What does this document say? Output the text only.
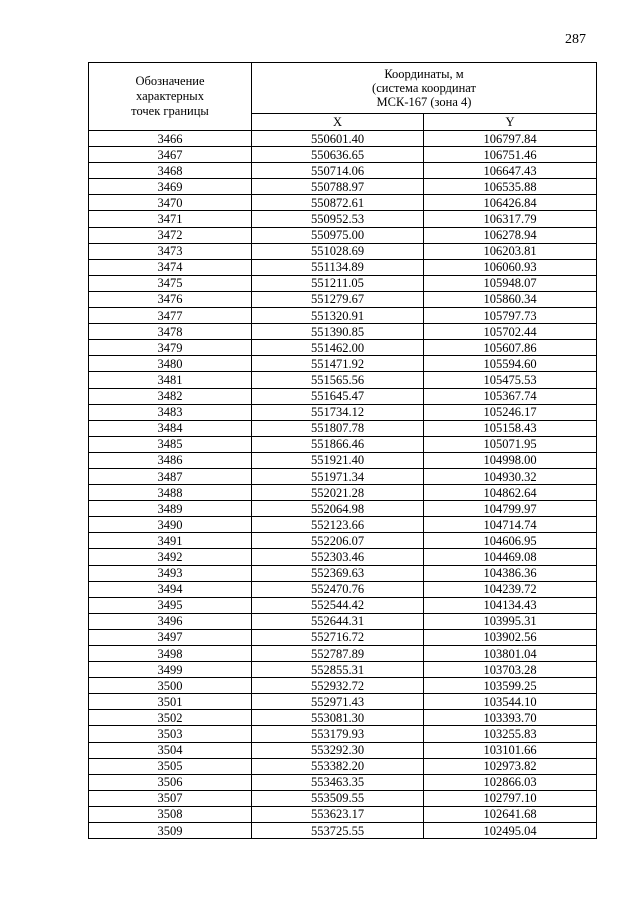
287
Обозначение
характерных
точек границы	Координаты, м
(система координат
МСК-167 (зона 4)	

	X	Y
3466	550601.40	106797.84
3467	550636.65	106751.46
3468	550714.06	106647.43
3469	550788.97	106535.88
3470	550872.61	106426.84
3471	550952.53	106317.79
3472	550975.00	106278.94
3473	551028.69	106203.81
3474	551134.89	106060.93
3475	551211.05	105948.07
3476	551279.67	105860.34
3477	551320.91	105797.73
3478	551390.85	105702.44
3479	551462.00	105607.86
3480	551471.92	105594.60
3481	551565.56	105475.53
3482	551645.47	105367.74
3483	551734.12	105246.17
3484	551807.78	105158.43
3485	551866.46	105071.95
3486	551921.40	104998.00
3487	551971.34	104930.32
3488	552021.28	104862.64
3489	552064.98	104799.97
3490	552123.66	104714.74
3491	552206.07	104606.95
3492	552303.46	104469.08
3493	552369.63	104386.36
3494	552470.76	104239.72
3495	552544.42	104134.43
3496	552644.31	103995.31
3497	552716.72	103902.56
3498	552787.89	103801.04
3499	552855.31	103703.28
3500	552932.72	103599.25
3501	552971.43	103544.10
3502	553081.30	103393.70
3503	553179.93	103255.83
3504	553292.30	103101.66
3505	553382.20	102973.82
3506	553463.35	102866.03
3507	553509.55	102797.10
3508	553623.17	102641.68
3509	553725.55	102495.04
